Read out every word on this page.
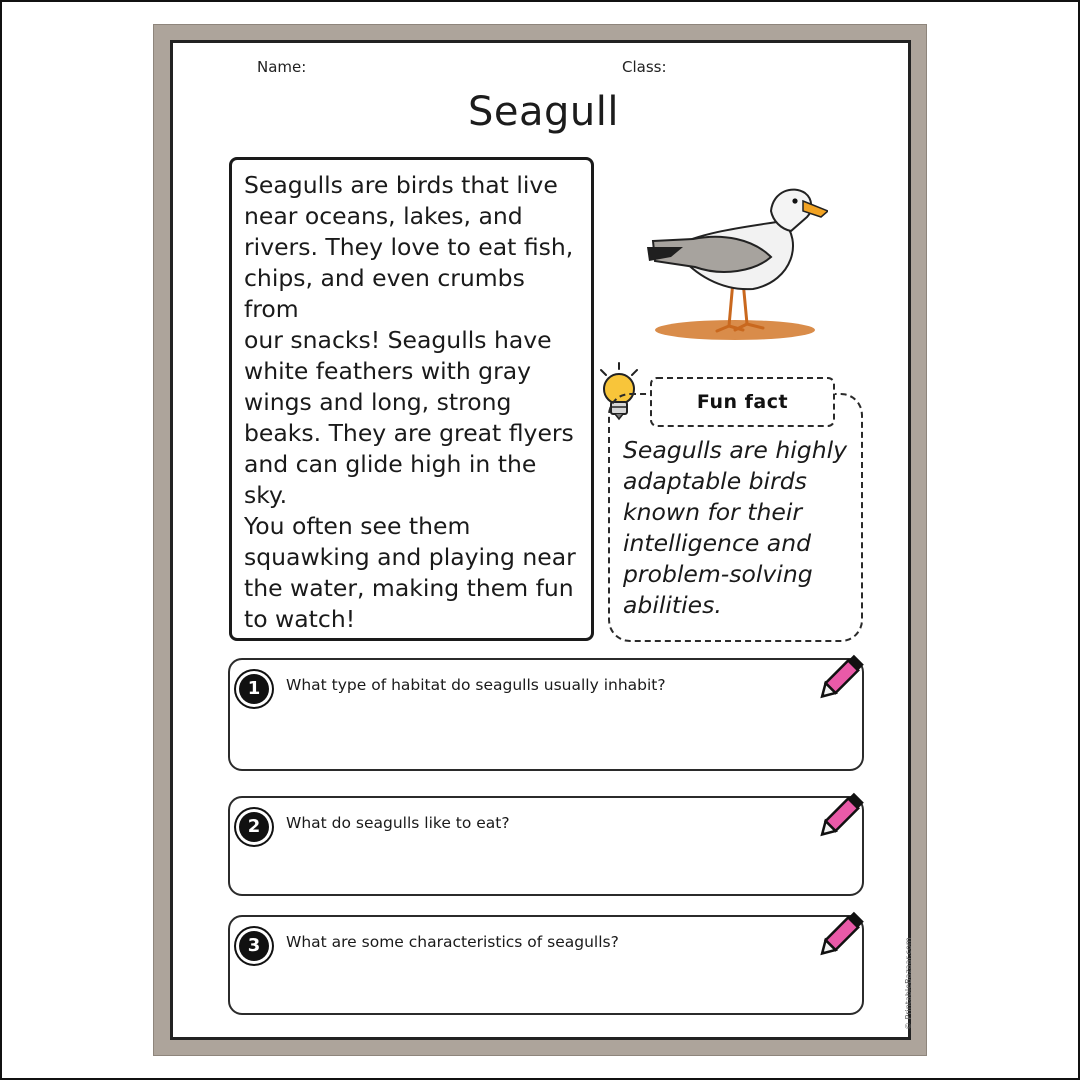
Name:	Class:
Seagull
Seagulls are birds that live
near oceans, lakes, and
rivers. They love to eat fish,
chips, and even crumbs from
our snacks! Seagulls have
white feathers with gray
wings and long, strong
beaks. They are great flyers
and can glide high in the sky.
You often see them
squawking and playing near
the water, making them fun
to watch!
Fun fact
Seagulls are highly
adaptable birds
known for their
intelligence and
problem-solving
abilities.
1	What type of habitat do seagulls usually inhabit?
2	What do seagulls like to eat?
3	What are some characteristics of seagulls?	© PrintableBazaar.com
